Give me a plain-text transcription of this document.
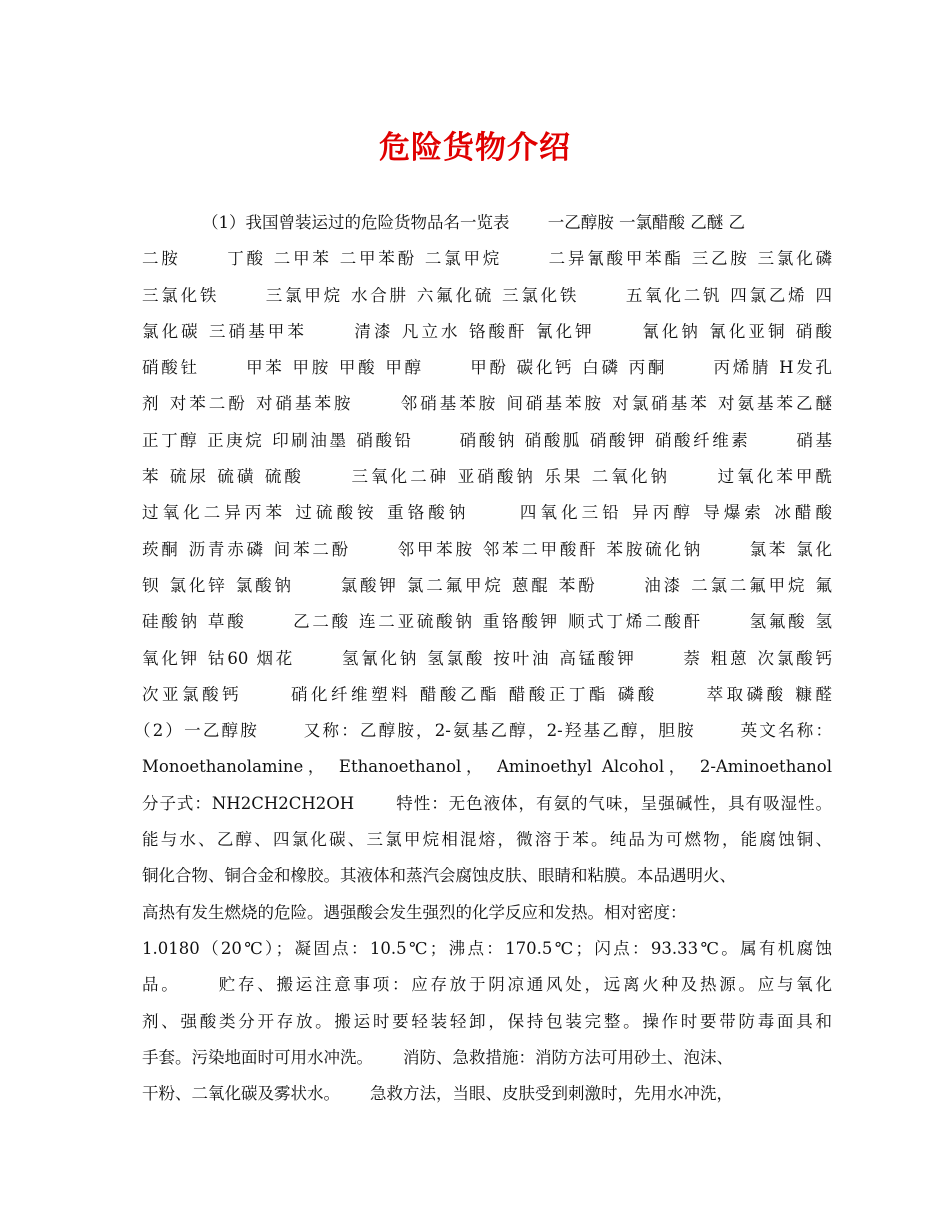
危险货物介绍
（1）我国曾装运过的危险货物品名一览表　　 一乙醇胺 一氯醋酸 乙醚 乙
二胺　　 丁酸 二甲苯 二甲苯酚 二氯甲烷　　 二异氰酸甲苯酯 三乙胺 三氯化磷
三氯化铁　　 三氯甲烷 水合肼 六氟化硫 三氯化铁　　 五氧化二钒 四氯乙烯 四
氯化碳 三硝基甲苯　　 清漆 凡立水 铬酸酐 氰化钾　　 氰化钠 氰化亚铜 硝酸
硝酸钍　　 甲苯 甲胺 甲酸 甲醇　　 甲酚 碳化钙 白磷 丙酮　　 丙烯腈 H发孔
剂 对苯二酚 对硝基苯胺　　 邻硝基苯胺 间硝基苯胺 对氯硝基苯 对氨基苯乙醚
正丁醇 正庚烷 印刷油墨 硝酸铅　　 硝酸钠 硝酸胍 硝酸钾 硝酸纤维素　　 硝基
苯 硫尿 硫磺 硫酸　　 三氧化二砷 亚硝酸钠 乐果 二氧化钠　　 过氧化苯甲酰
过氧化二异丙苯 过硫酸铵 重铬酸钠　　 四氧化三铅 异丙醇 导爆索 冰醋酸
莰酮 沥青赤磷 间苯二酚　　 邻甲苯胺 邻苯二甲酸酐 苯胺硫化钠　　 氯苯 氯化
钡 氯化锌 氯酸钠　　 氯酸钾 氯二氟甲烷 蒽醌 苯酚　　 油漆 二氯二氟甲烷 氟
硅酸钠 草酸　　 乙二酸 连二亚硫酸钠 重铬酸钾 顺式丁烯二酸酐　　 氢氟酸 氢
氧化钾 钴60 烟花　　 氢氰化钠 氢氯酸 按叶油 高锰酸钾　　 萘 粗蒽 次氯酸钙
次亚氯酸钙　　 硝化纤维塑料 醋酸乙酯 醋酸正丁酯 磷酸　　 萃取磷酸 糠醛
（2）一乙醇胺　　 又称：乙醇胺，2-氨基乙醇，2-羟基乙醇，胆胺　　 英文名称：
Monoethanolamine， Ethanoethanol， Aminoethyl Alcohol， 2-Aminoethanol
分子式：NH2CH2CH2OH　　 特性：无色液体，有氨的气味，呈强碱性，具有吸湿性。
能与水、乙醇、四氯化碳、三氯甲烷相混熔，微溶于苯。纯品为可燃物，能腐蚀铜、
铜化合物、铜合金和橡胶。其液体和蒸汽会腐蚀皮肤、眼睛和粘膜。本品遇明火、
高热有发生燃烧的危险。遇强酸会发生强烈的化学反应和发热。相对密度：
1.0180（20℃）；凝固点：10.5℃；沸点：170.5℃；闪点：93.33℃。属有机腐蚀
品。　　 贮存、搬运注意事项：应存放于阴凉通风处，远离火种及热源。应与氧化
剂、强酸类分开存放。搬运时要轻装轻卸，保持包装完整。操作时要带防毒面具和
手套。污染地面时可用水冲洗。　　 消防、急救措施：消防方法可用砂土、泡沫、
干粉、二氧化碳及雾状水。　　 急救方法，当眼、皮肤受到刺激时，先用水冲洗，
